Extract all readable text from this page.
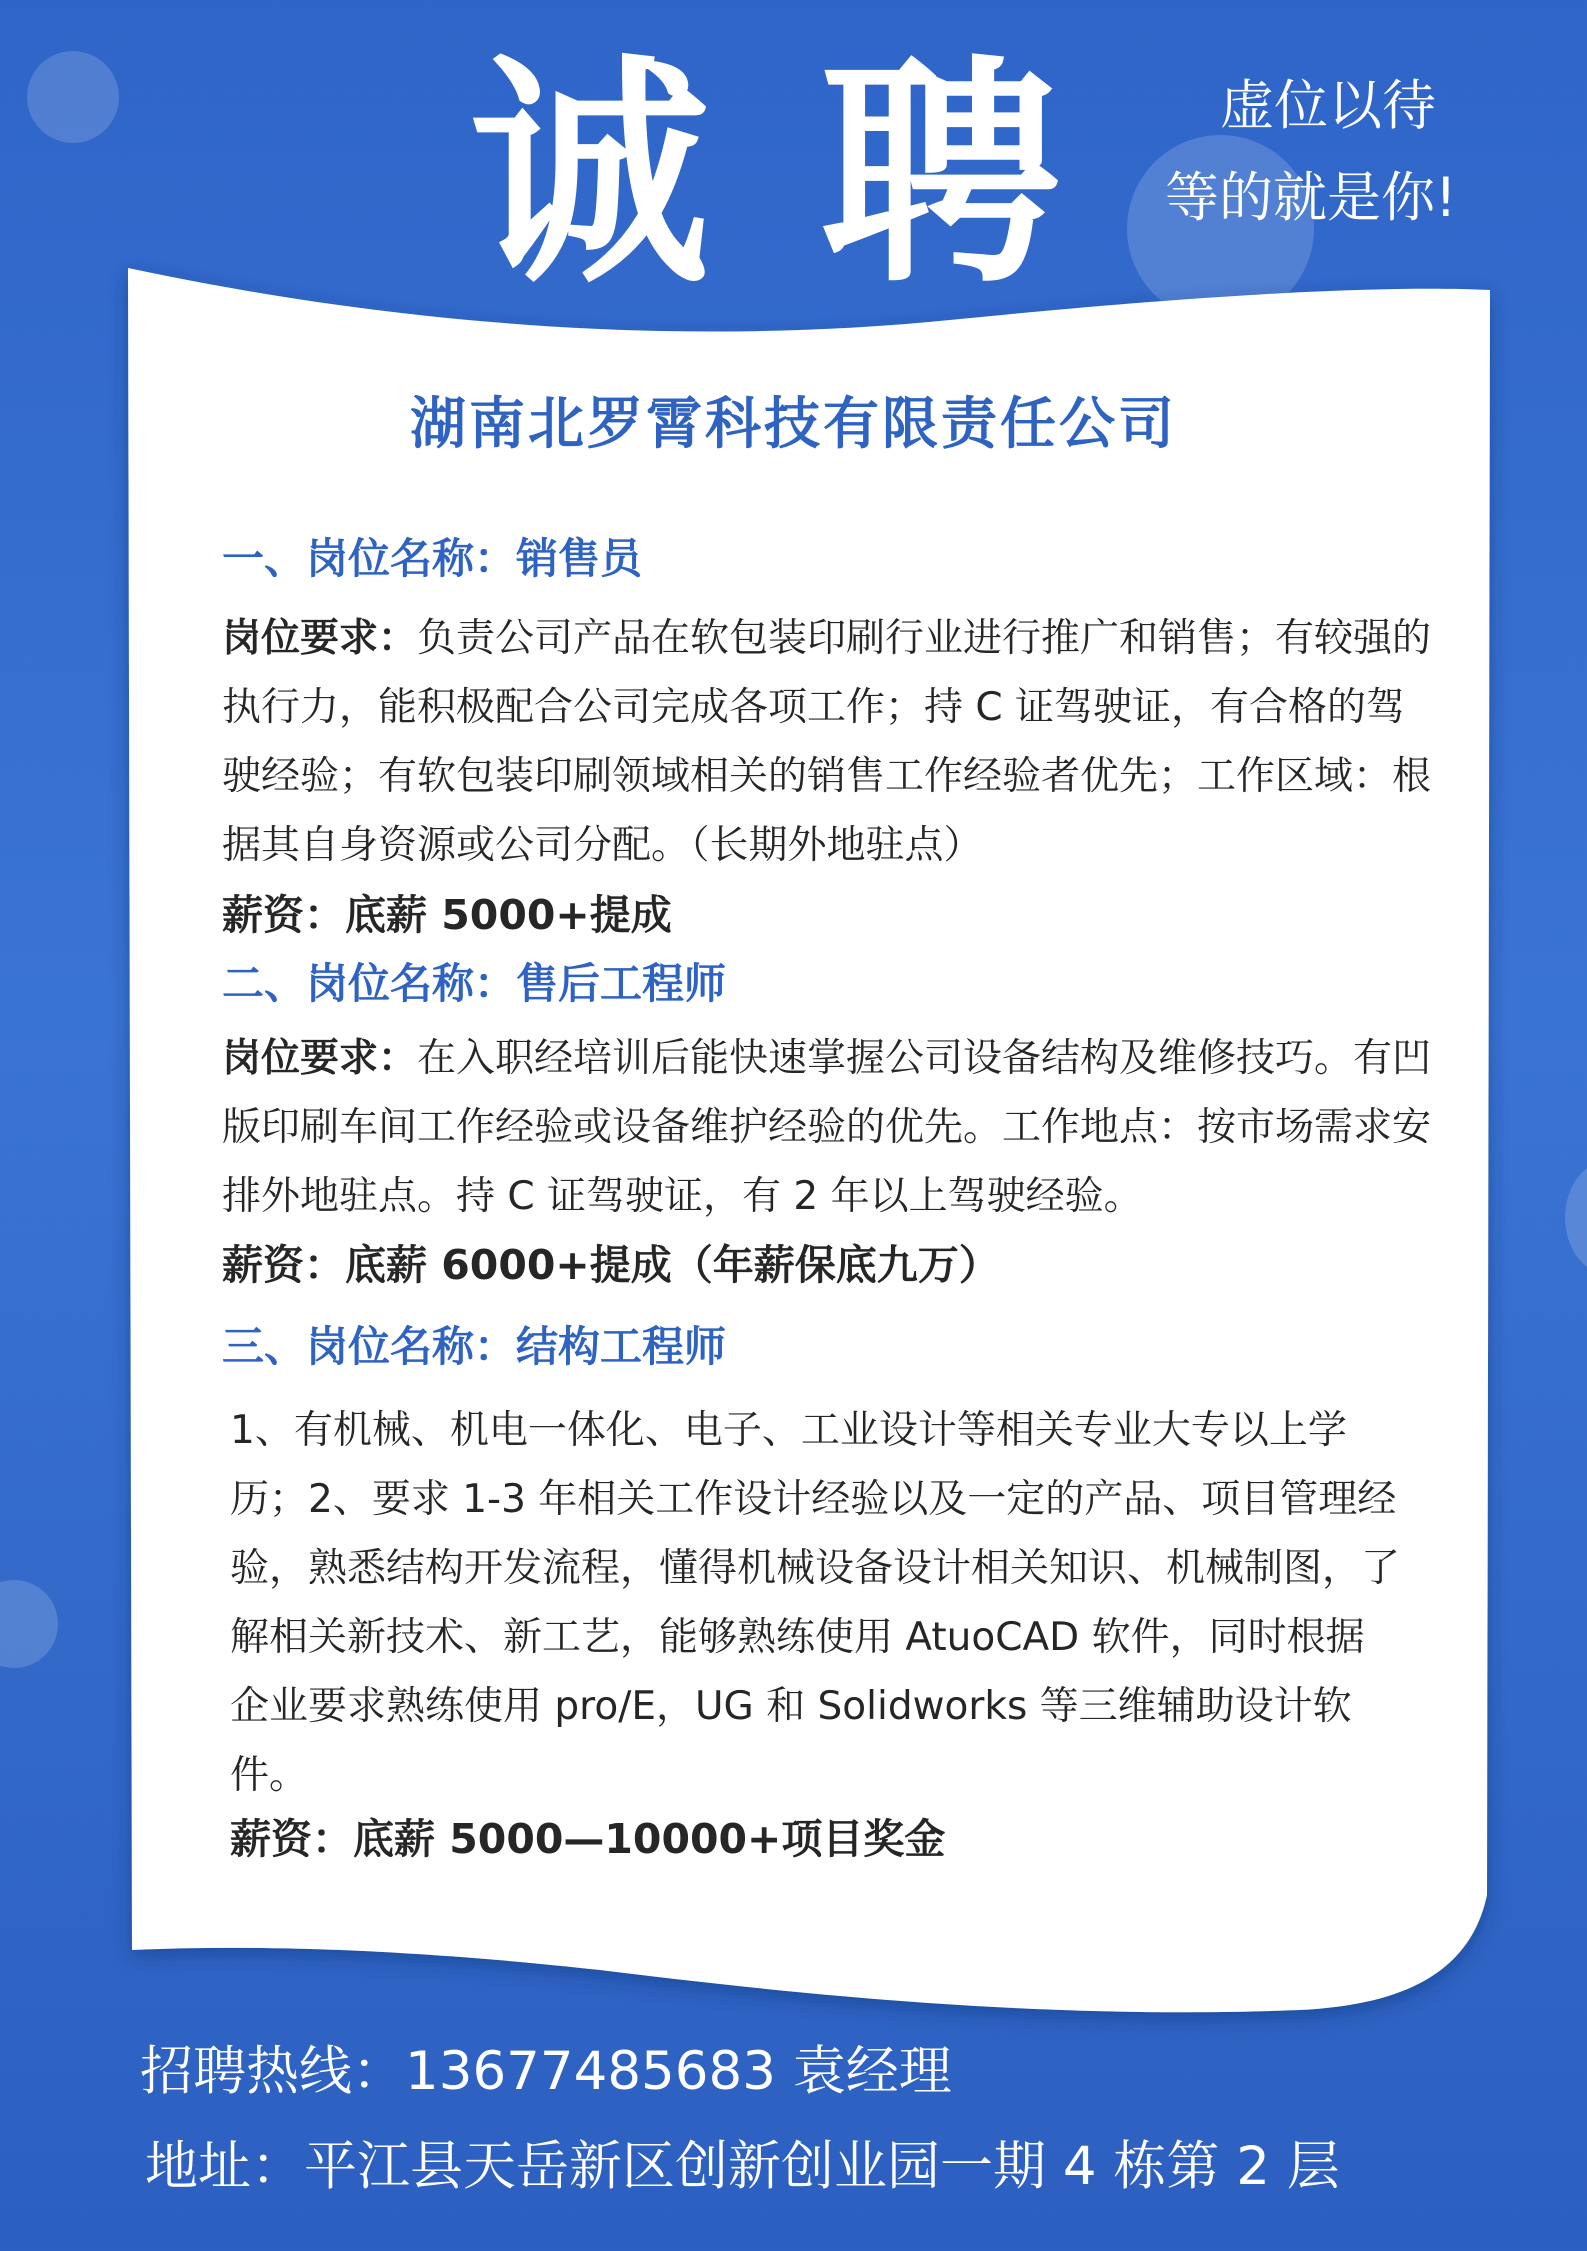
诚 聘	虚位以待
等的就是你!
湖南北罗霄科技有限责任公司
一、岗位名称：销售员
岗位要求：负责公司产品在软包装印刷行业进行推广和销售；有较强的执行力，能积极配合公司完成各项工作；持 C 证驾驶证，有合格的驾驶经验；有软包装印刷领域相关的销售工作经验者优先；工作区域：根据其自身资源或公司分配。（长期外地驻点）
薪资：底薪 5000+提成
二、岗位名称：售后工程师
岗位要求：在入职经培训后能快速掌握公司设备结构及维修技巧。有凹版印刷车间工作经验或设备维护经验的优先。工作地点：按市场需求安排外地驻点。持 C 证驾驶证，有 2 年以上驾驶经验。
薪资：底薪 6000+提成（年薪保底九万）
三、岗位名称：结构工程师
1、有机械、机电一体化、电子、工业设计等相关专业大专以上学历；2、要求 1-3 年相关工作设计经验以及一定的产品、项目管理经验，熟悉结构开发流程，懂得机械设备设计相关知识、机械制图，了解相关新技术、新工艺，能够熟练使用 AtuoCAD 软件，同时根据企业要求熟练使用 pro/E，UG 和 Solidworks 等三维辅助设计软件。
薪资：底薪 5000—10000+项目奖金
招聘热线：13677485683 袁经理
地址：平江县天岳新区创新创业园一期 4 栋第 2 层
